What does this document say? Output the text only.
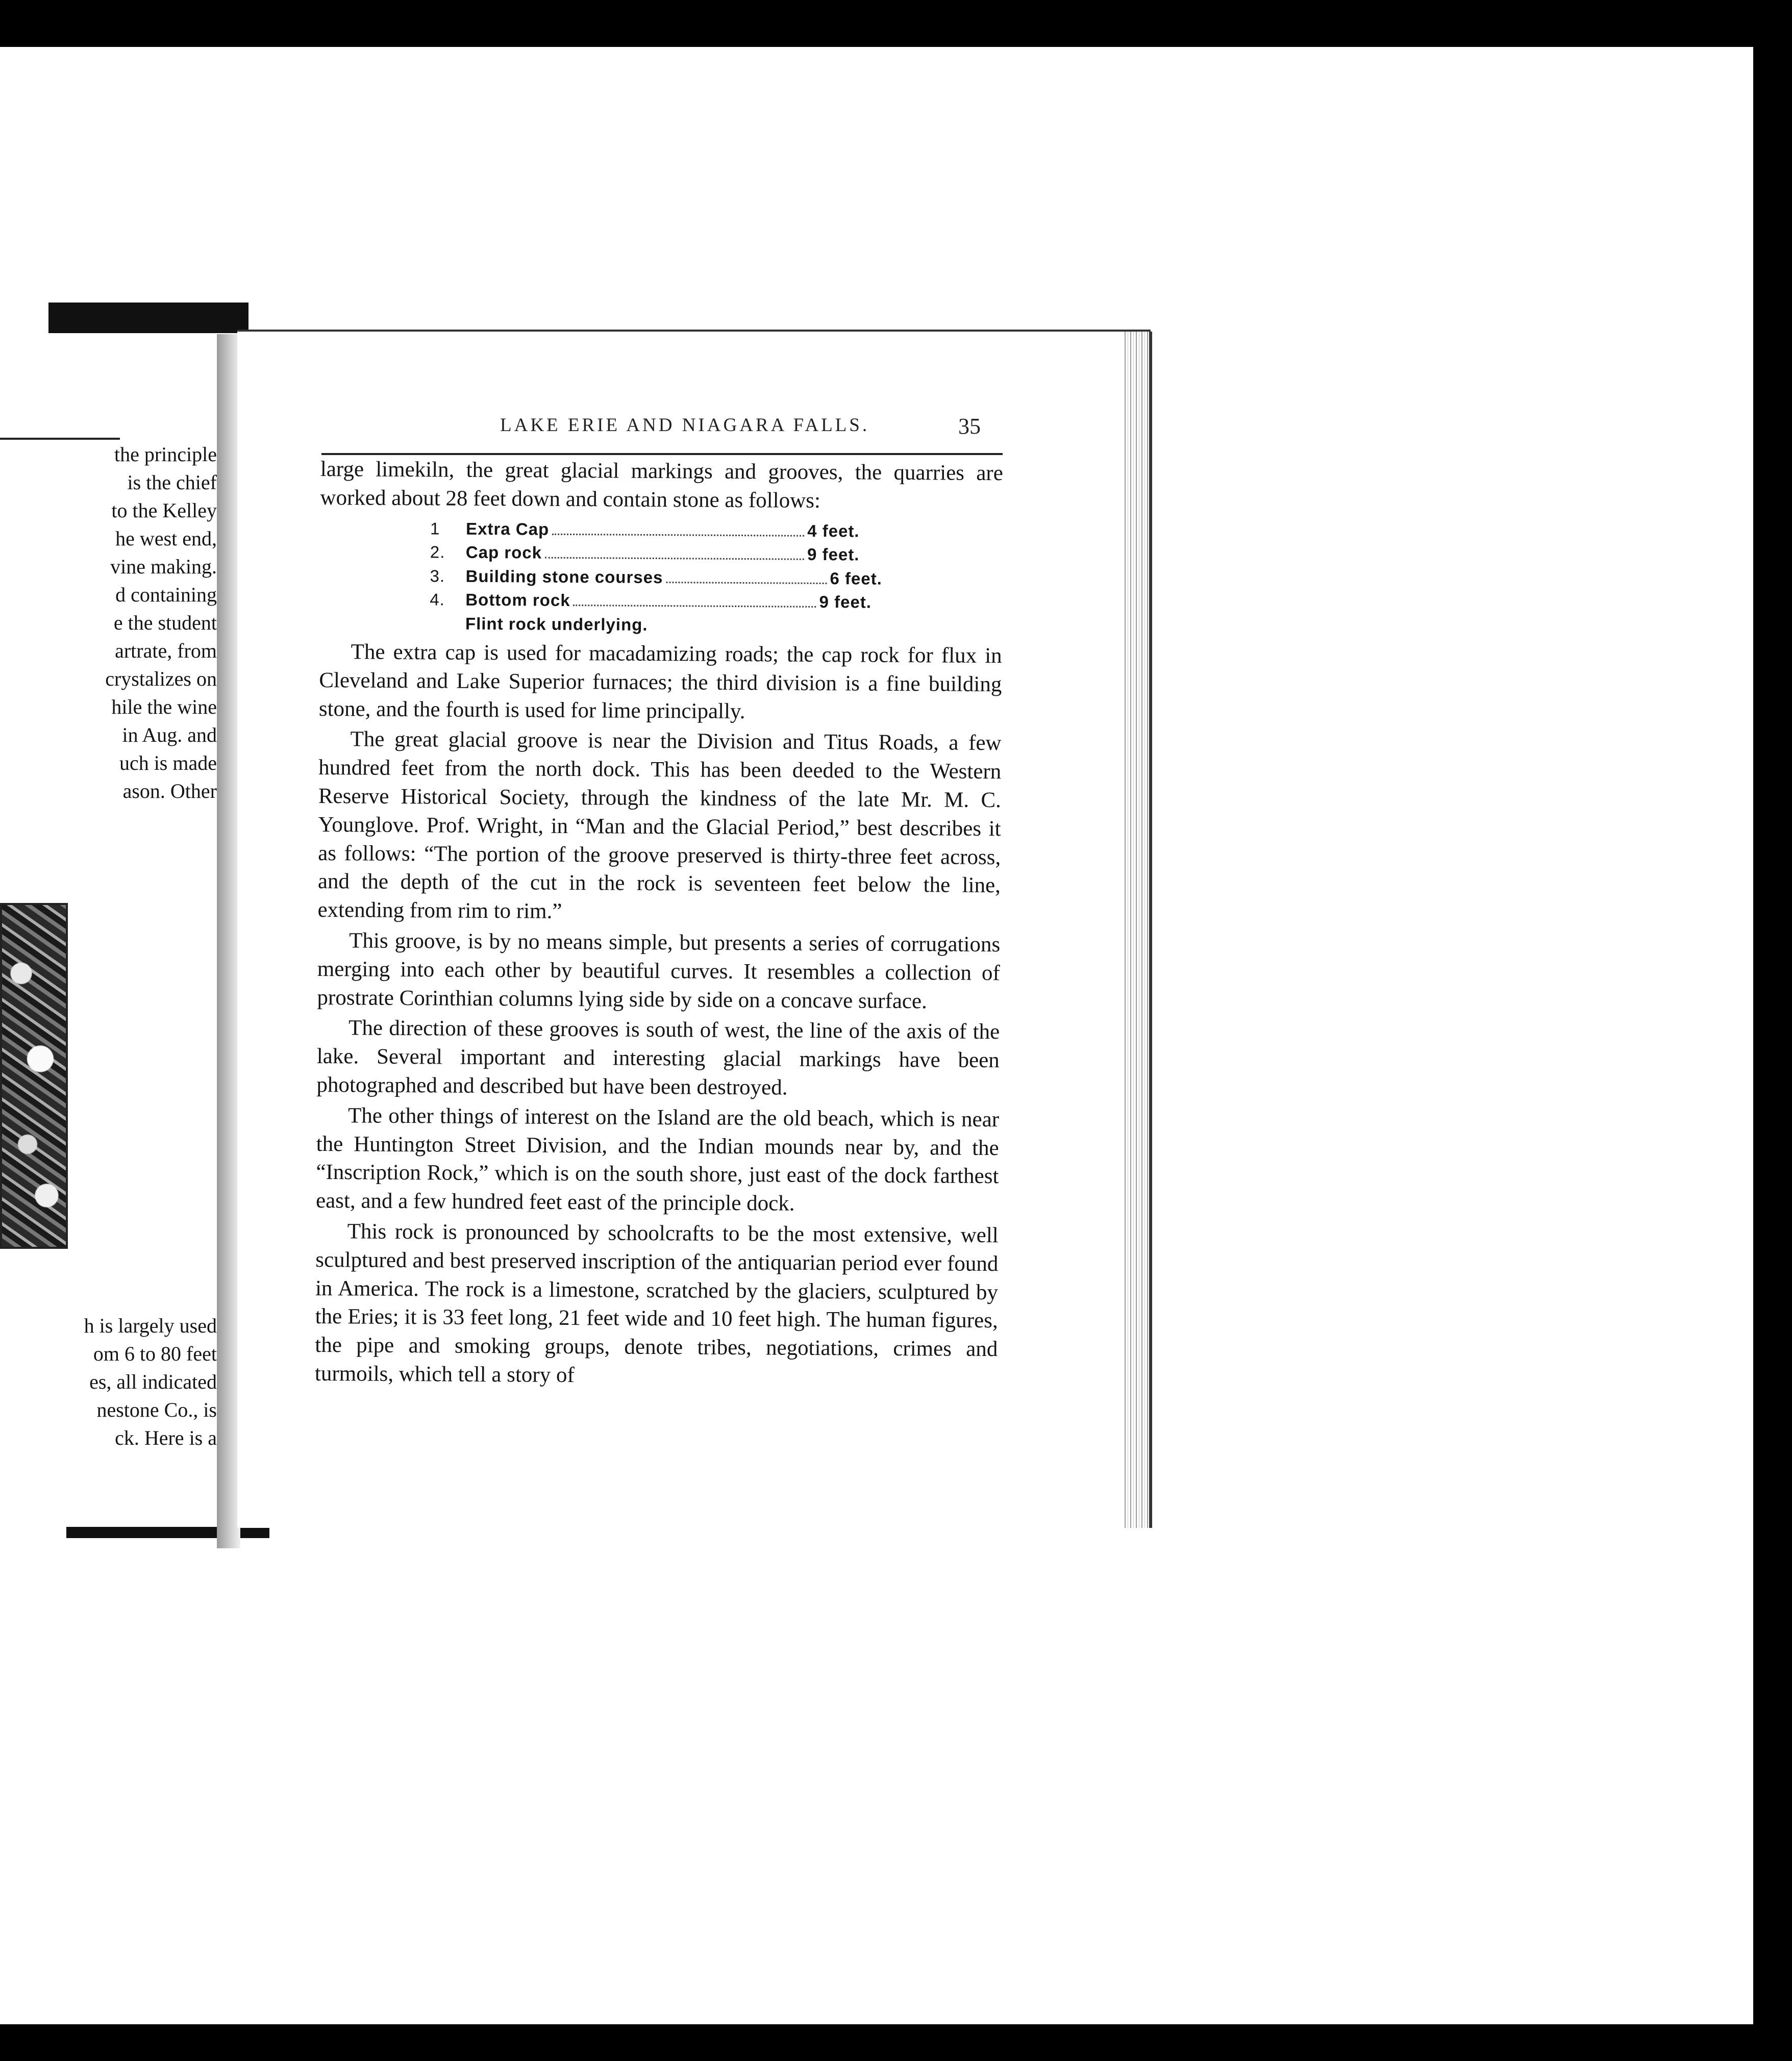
the principle
is the chief
to the Kelley
he west end,
vine making.
d containing
e the student
artrate, from
crystalizes on
hile the wine
in Aug. and
uch is made
ason. Other
h is largely used
om 6 to 80 feet
es, all indicated
nestone Co., is
ck. Here is a
LAKE ERIE AND NIAGARA FALLS.	35

large limekiln, the great glacial markings and grooves, the quarries are worked about 28 feet down and contain stone as follows:

1	Extra Cap	4 feet.
2.	Cap rock	9 feet.
3.	Building stone courses	6 feet.
4.	Bottom rock	9 feet.
Flint rock underlying.

The extra cap is used for macadamizing roads; the cap rock for flux in Cleveland and Lake Superior furnaces; the third division is a fine building stone, and the fourth is used for lime principally.

The great glacial groove is near the Division and Titus Roads, a few hundred feet from the north dock. This has been deeded to the Western Reserve Historical Society, through the kindness of the late Mr. M. C. Younglove. Prof. Wright, in “Man and the Glacial Period,” best describes it as follows: “The portion of the groove preserved is thirty-three feet across, and the depth of the cut in the rock is seventeen feet below the line, extending from rim to rim.”

This groove, is by no means simple, but presents a series of corrugations merging into each other by beautiful curves. It resembles a collection of prostrate Corinthian columns lying side by side on a concave surface.

The direction of these grooves is south of west, the line of the axis of the lake. Several important and interesting glacial markings have been photographed and described but have been destroyed.

The other things of interest on the Island are the old beach, which is near the Huntington Street Division, and the Indian mounds near by, and the “Inscription Rock,” which is on the south shore, just east of the dock farthest east, and a few hundred feet east of the principle dock.

This rock is pronounced by schoolcrafts to be the most extensive, well sculptured and best preserved inscription of the antiquarian period ever found in America. The rock is a limestone, scratched by the glaciers, sculptured by the Eries; it is 33 feet long, 21 feet wide and 10 feet high. The human figures, the pipe and smoking groups, denote tribes, negotiations, crimes and turmoils, which tell a story of
